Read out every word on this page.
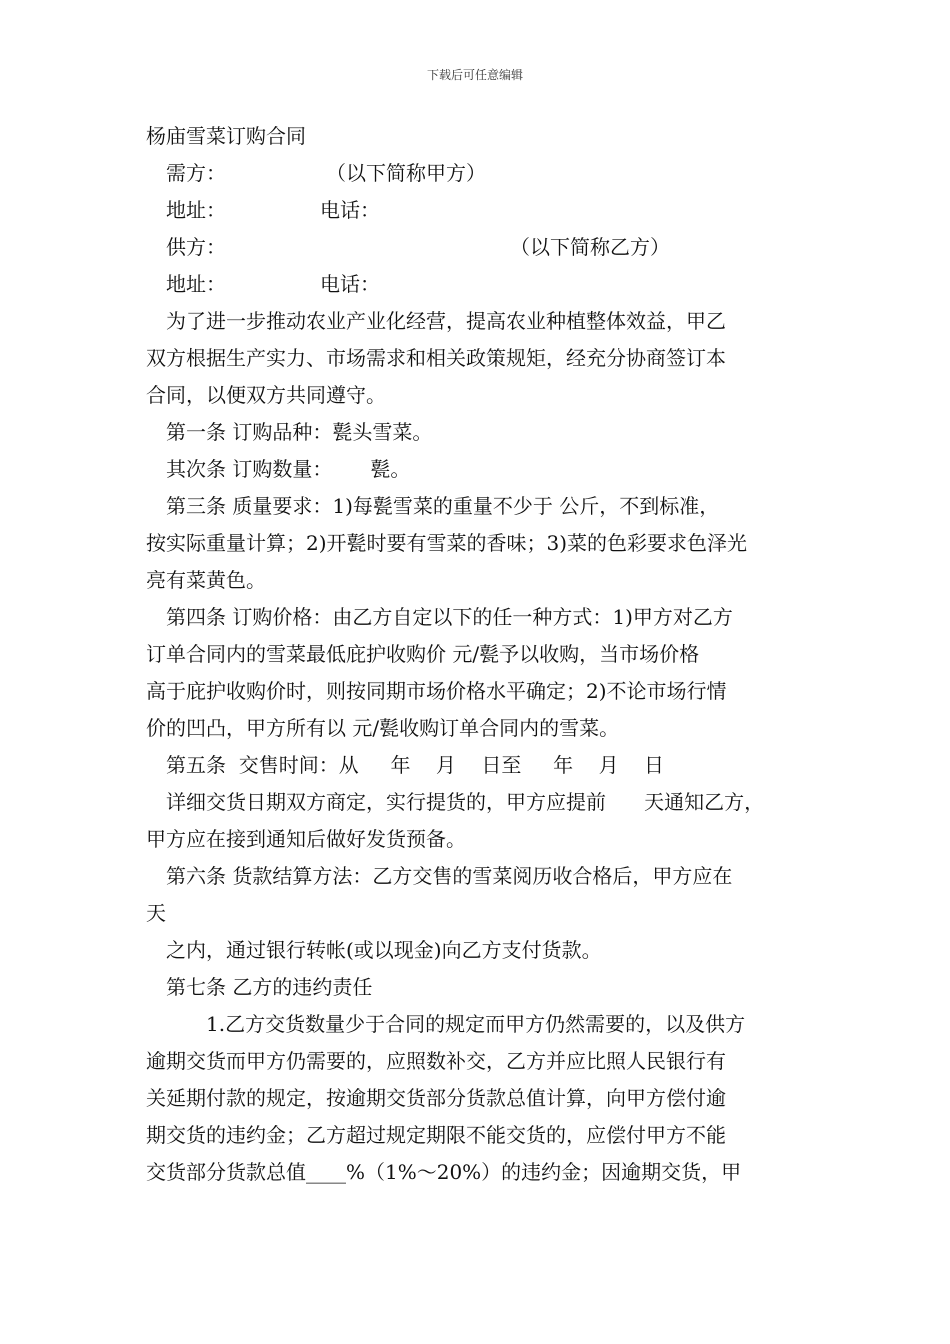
下载后可任意编辑
杨庙雪菜订购合同
需方：	（以下简称甲方）
地址：	电话：
供方：	（以下简称乙方）
地址：	电话：
为了进一步推动农业产业化经营，提高农业种植整体效益，甲乙
双方根据生产实力、市场需求和相关政策规矩，经充分协商签订本
合同，以便双方共同遵守。
第一条 订购品种：甏头雪菜。
其次条 订购数量： 甏。
第三条 质量要求：1)每甏雪菜的重量不少于 公斤，不到标准，
按实际重量计算；2)开甏时要有雪菜的香味；3)菜的色彩要求色泽光
亮有菜黄色。
第四条 订购价格：由乙方自定以下的任一种方式：1)甲方对乙方
订单合同内的雪菜最低庇护收购价 元/甏予以收购，当市场价格
高于庇护收购价时，则按同期市场价格水平确定；2)不论市场行情
价的凹凸，甲方所有以 元/甏收购订单合同内的雪菜。
第五条  交售时间：从     年    月    日至     年    月    日
详细交货日期双方商定，实行提货的，甲方应提前      天通知乙方，
甲方应在接到通知后做好发货预备。
第六条 货款结算方法：乙方交售的雪菜阅历收合格后，甲方应在
天
之内，通过银行转帐(或以现金)向乙方支付货款。
第七条 乙方的违约责任
1.乙方交货数量少于合同的规定而甲方仍然需要的，以及供方
逾期交货而甲方仍需要的，应照数补交，乙方并应比照人民银行有
关延期付款的规定，按逾期交货部分货款总值计算，向甲方偿付逾
期交货的违约金；乙方超过规定期限不能交货的，应偿付甲方不能
交货部分货款总值____%（1%～20%）的违约金；因逾期交货，甲
